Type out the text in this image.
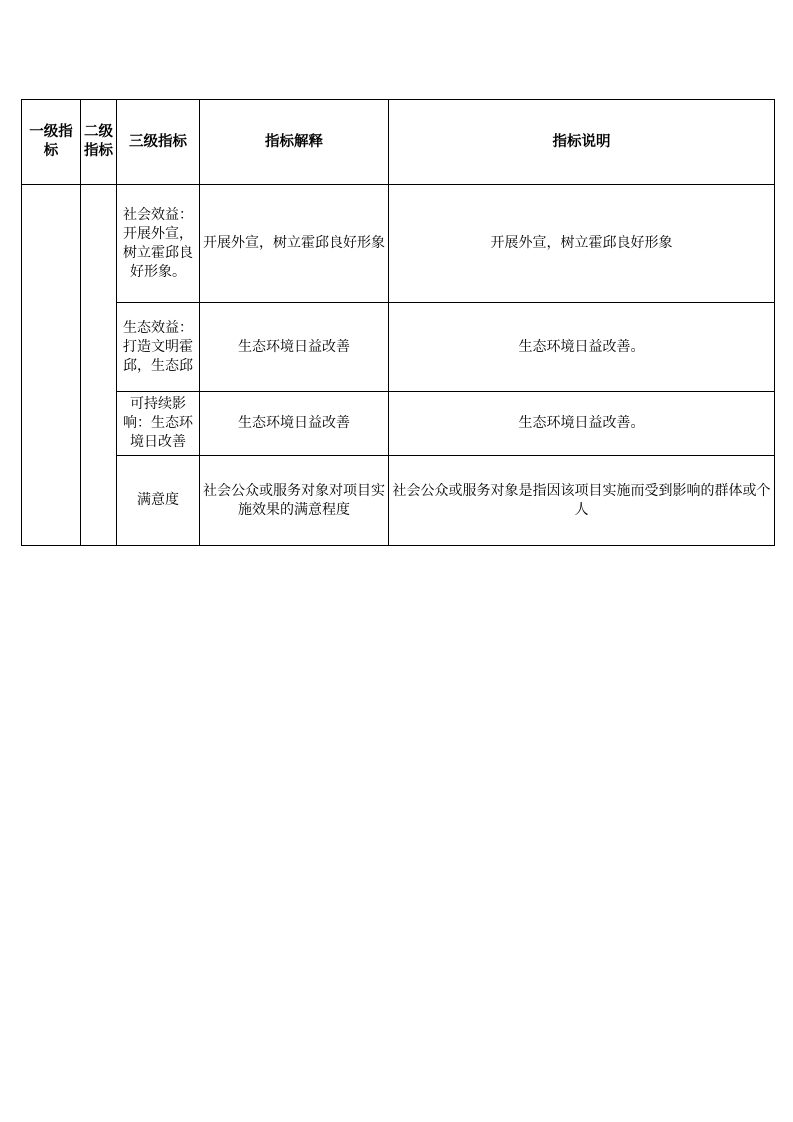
一级指标	二级指标	三级指标	指标解释	指标说明
		社会效益：开展外宣，树立霍邱良好形象。	开展外宣，树立霍邱良好形象	开展外宣，树立霍邱良好形象
		生态效益：打造文明霍邱，生态邱	生态环境日益改善	生态环境日益改善。
		可持续影响：生态环境日改善	生态环境日益改善	生态环境日益改善。
		满意度	社会公众或服务对象对项目实施效果的满意程度	社会公众或服务对象是指因该项目实施而受到影响的群体或个人
